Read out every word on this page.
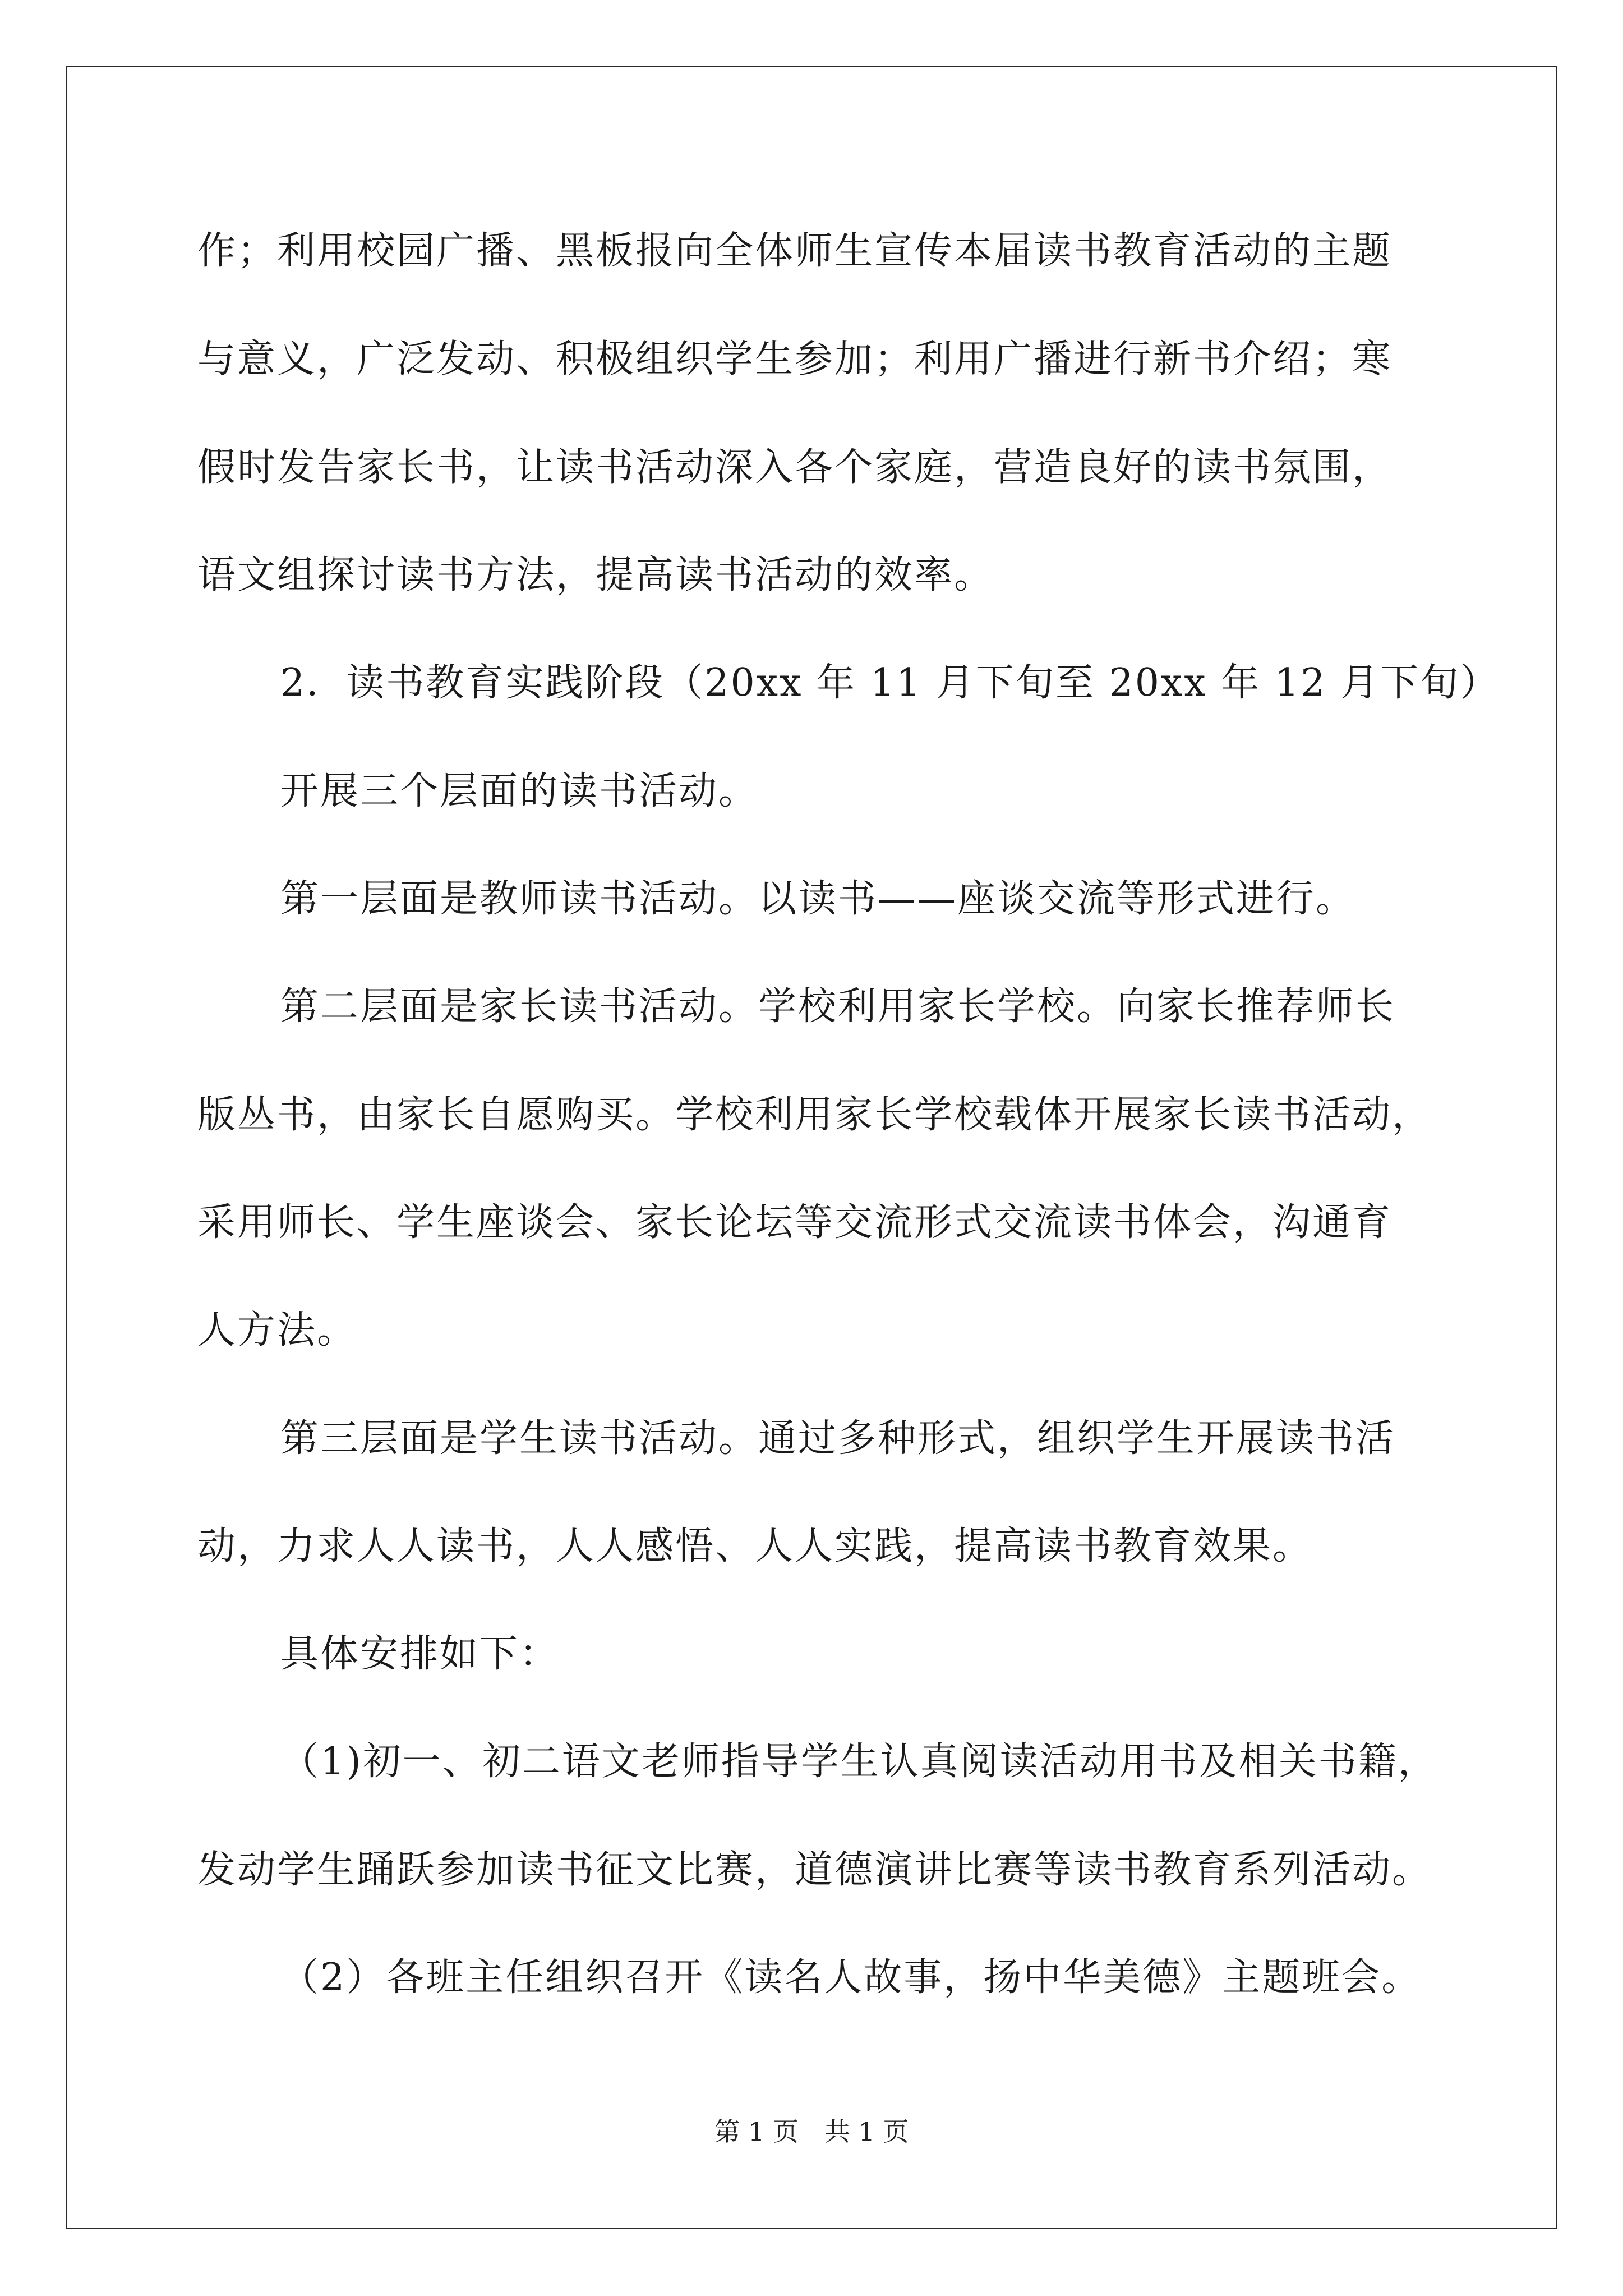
作；利用校园广播、黑板报向全体师生宣传本届读书教育活动的主题
与意义，广泛发动、积极组织学生参加；利用广播进行新书介绍；寒
假时发告家长书，让读书活动深入各个家庭，营造良好的读书氛围，
语文组探讨读书方法，提高读书活动的效率。
2．读书教育实践阶段（20xx 年 11 月下旬至 20xx 年 12 月下旬）
开展三个层面的读书活动。
第一层面是教师读书活动。以读书——座谈交流等形式进行。
第二层面是家长读书活动。学校利用家长学校。向家长推荐师长
版丛书，由家长自愿购买。学校利用家长学校载体开展家长读书活动，
采用师长、学生座谈会、家长论坛等交流形式交流读书体会，沟通育
人方法。
第三层面是学生读书活动。通过多种形式，组织学生开展读书活
动，力求人人读书，人人感悟、人人实践，提高读书教育效果。
具体安排如下：
（1)初一、初二语文老师指导学生认真阅读活动用书及相关书籍，
发动学生踊跃参加读书征文比赛，道德演讲比赛等读书教育系列活动。
（2）各班主任组织召开《读名人故事，扬中华美德》主题班会。
第 1 页　共 1 页
